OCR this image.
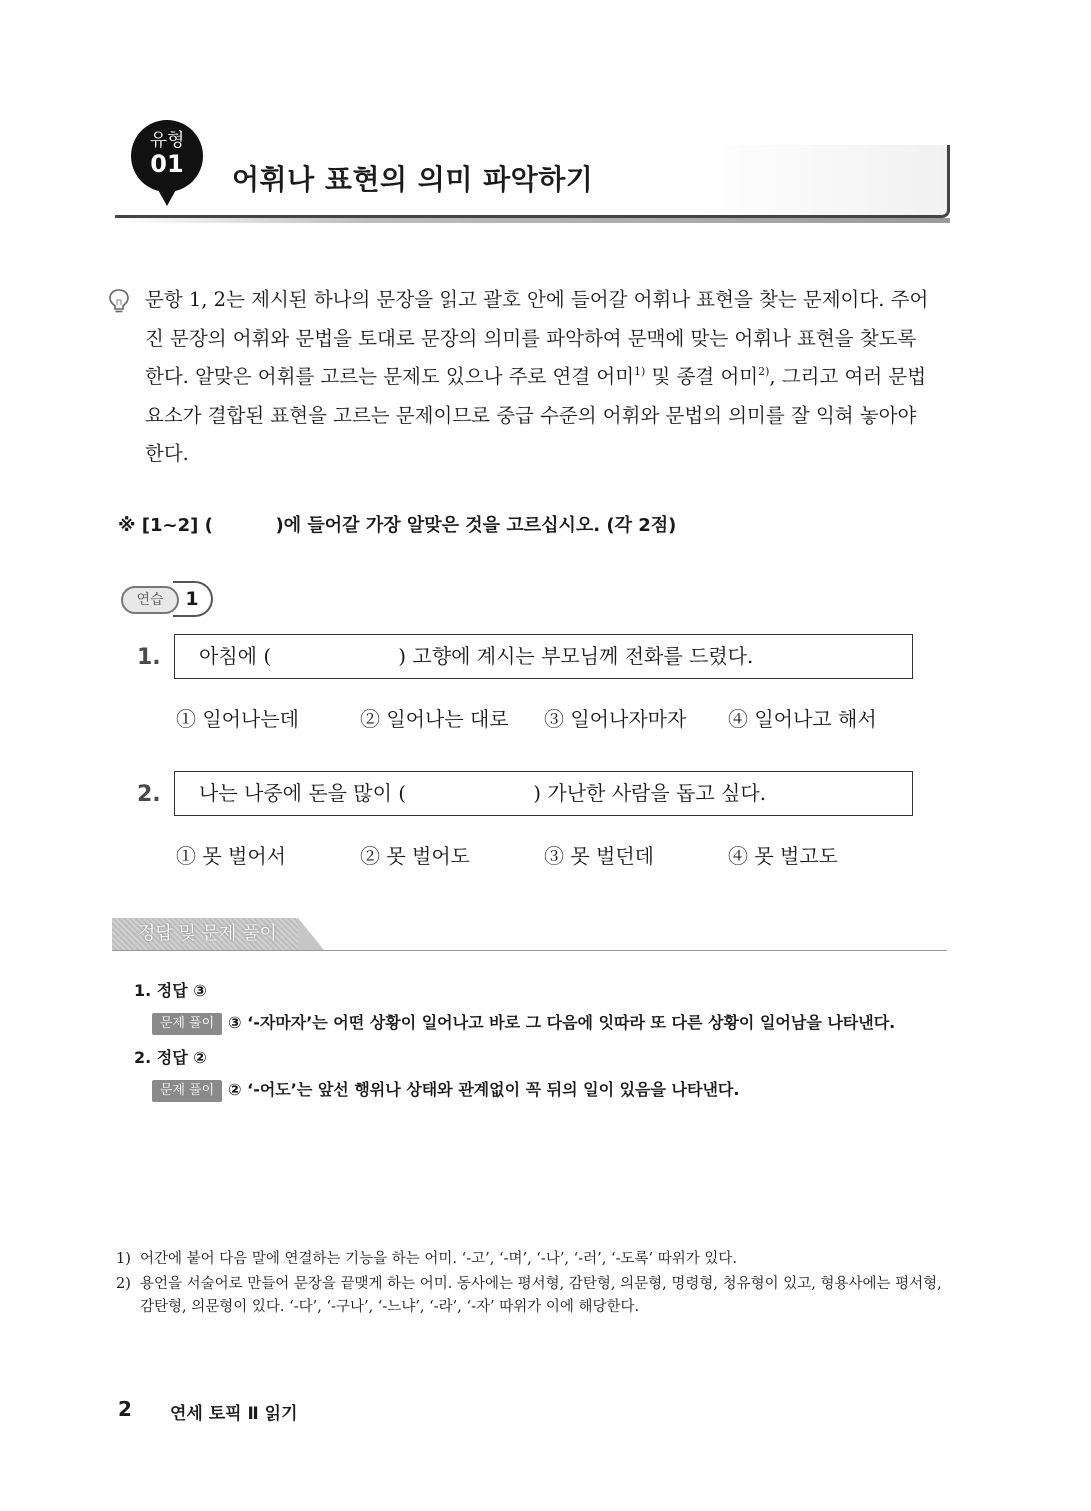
유형
01	어휘나 표현의 의미 파악하기
문항 1, 2는 제시된 하나의 문장을 읽고 괄호 안에 들어갈 어휘나 표현을 찾는 문제이다. 주어
진 문장의 어휘와 문법을 토대로 문장의 의미를 파악하여 문맥에 맞는 어휘나 표현을 찾도록
한다. 알맞은 어휘를 고르는 문제도 있으나 주로 연결 어미$^{1)}$ 및 종결 어미$^{2)}$, 그리고 여러 문법
요소가 결합된 표현을 고르는 문제이므로 중급 수준의 어휘와 문법의 의미를 잘 익혀 놓아야
한다.
※ [1~2] (          )에 들어갈 가장 알맞은 것을 고르십시오. (각 2점)
연습	1
1.	아침에 (                    ) 고향에 계시는 부모님께 전화를 드렸다.
① 일어나는데	② 일어나는 대로 ③ 일어나자마자 ④ 일어나고 해서
2.	나는 나중에 돈을 많이 (                    ) 가난한 사람을 돕고 싶다.
① 못 벌어서	② 못 벌어도	③ 못 벌던데	④ 못 벌고도
정답 및 문제 풀이
1. 정답 ③
문제 풀이 ③ ‘-자마자’는 어떤 상황이 일어나고 바로 그 다음에 잇따라 또 다른 상황이 일어남을 나타낸다.
2. 정답 ②
문제 풀이 ② ‘-어도’는 앞선 행위나 상태와 관계없이 꼭 뒤의 일이 있음을 나타낸다.
1) 어간에 붙어 다음 말에 연결하는 기능을 하는 어미. ‘-고’, ‘-며’, ‘-나’, ‘-러’, ‘-도록’ 따위가 있다.
2) 용언을 서술어로 만들어 문장을 끝맺게 하는 어미. 동사에는 평서형, 감탄형, 의문형, 명령형, 청유형이 있고, 형용사에는 평서형, 감탄형, 의문형이 있다. ‘-다’, ‘-구나’, ‘-느냐’, ‘-라’, ‘-자’ 따위가 이에 해당한다.
2 연세 토픽 Ⅱ 읽기
